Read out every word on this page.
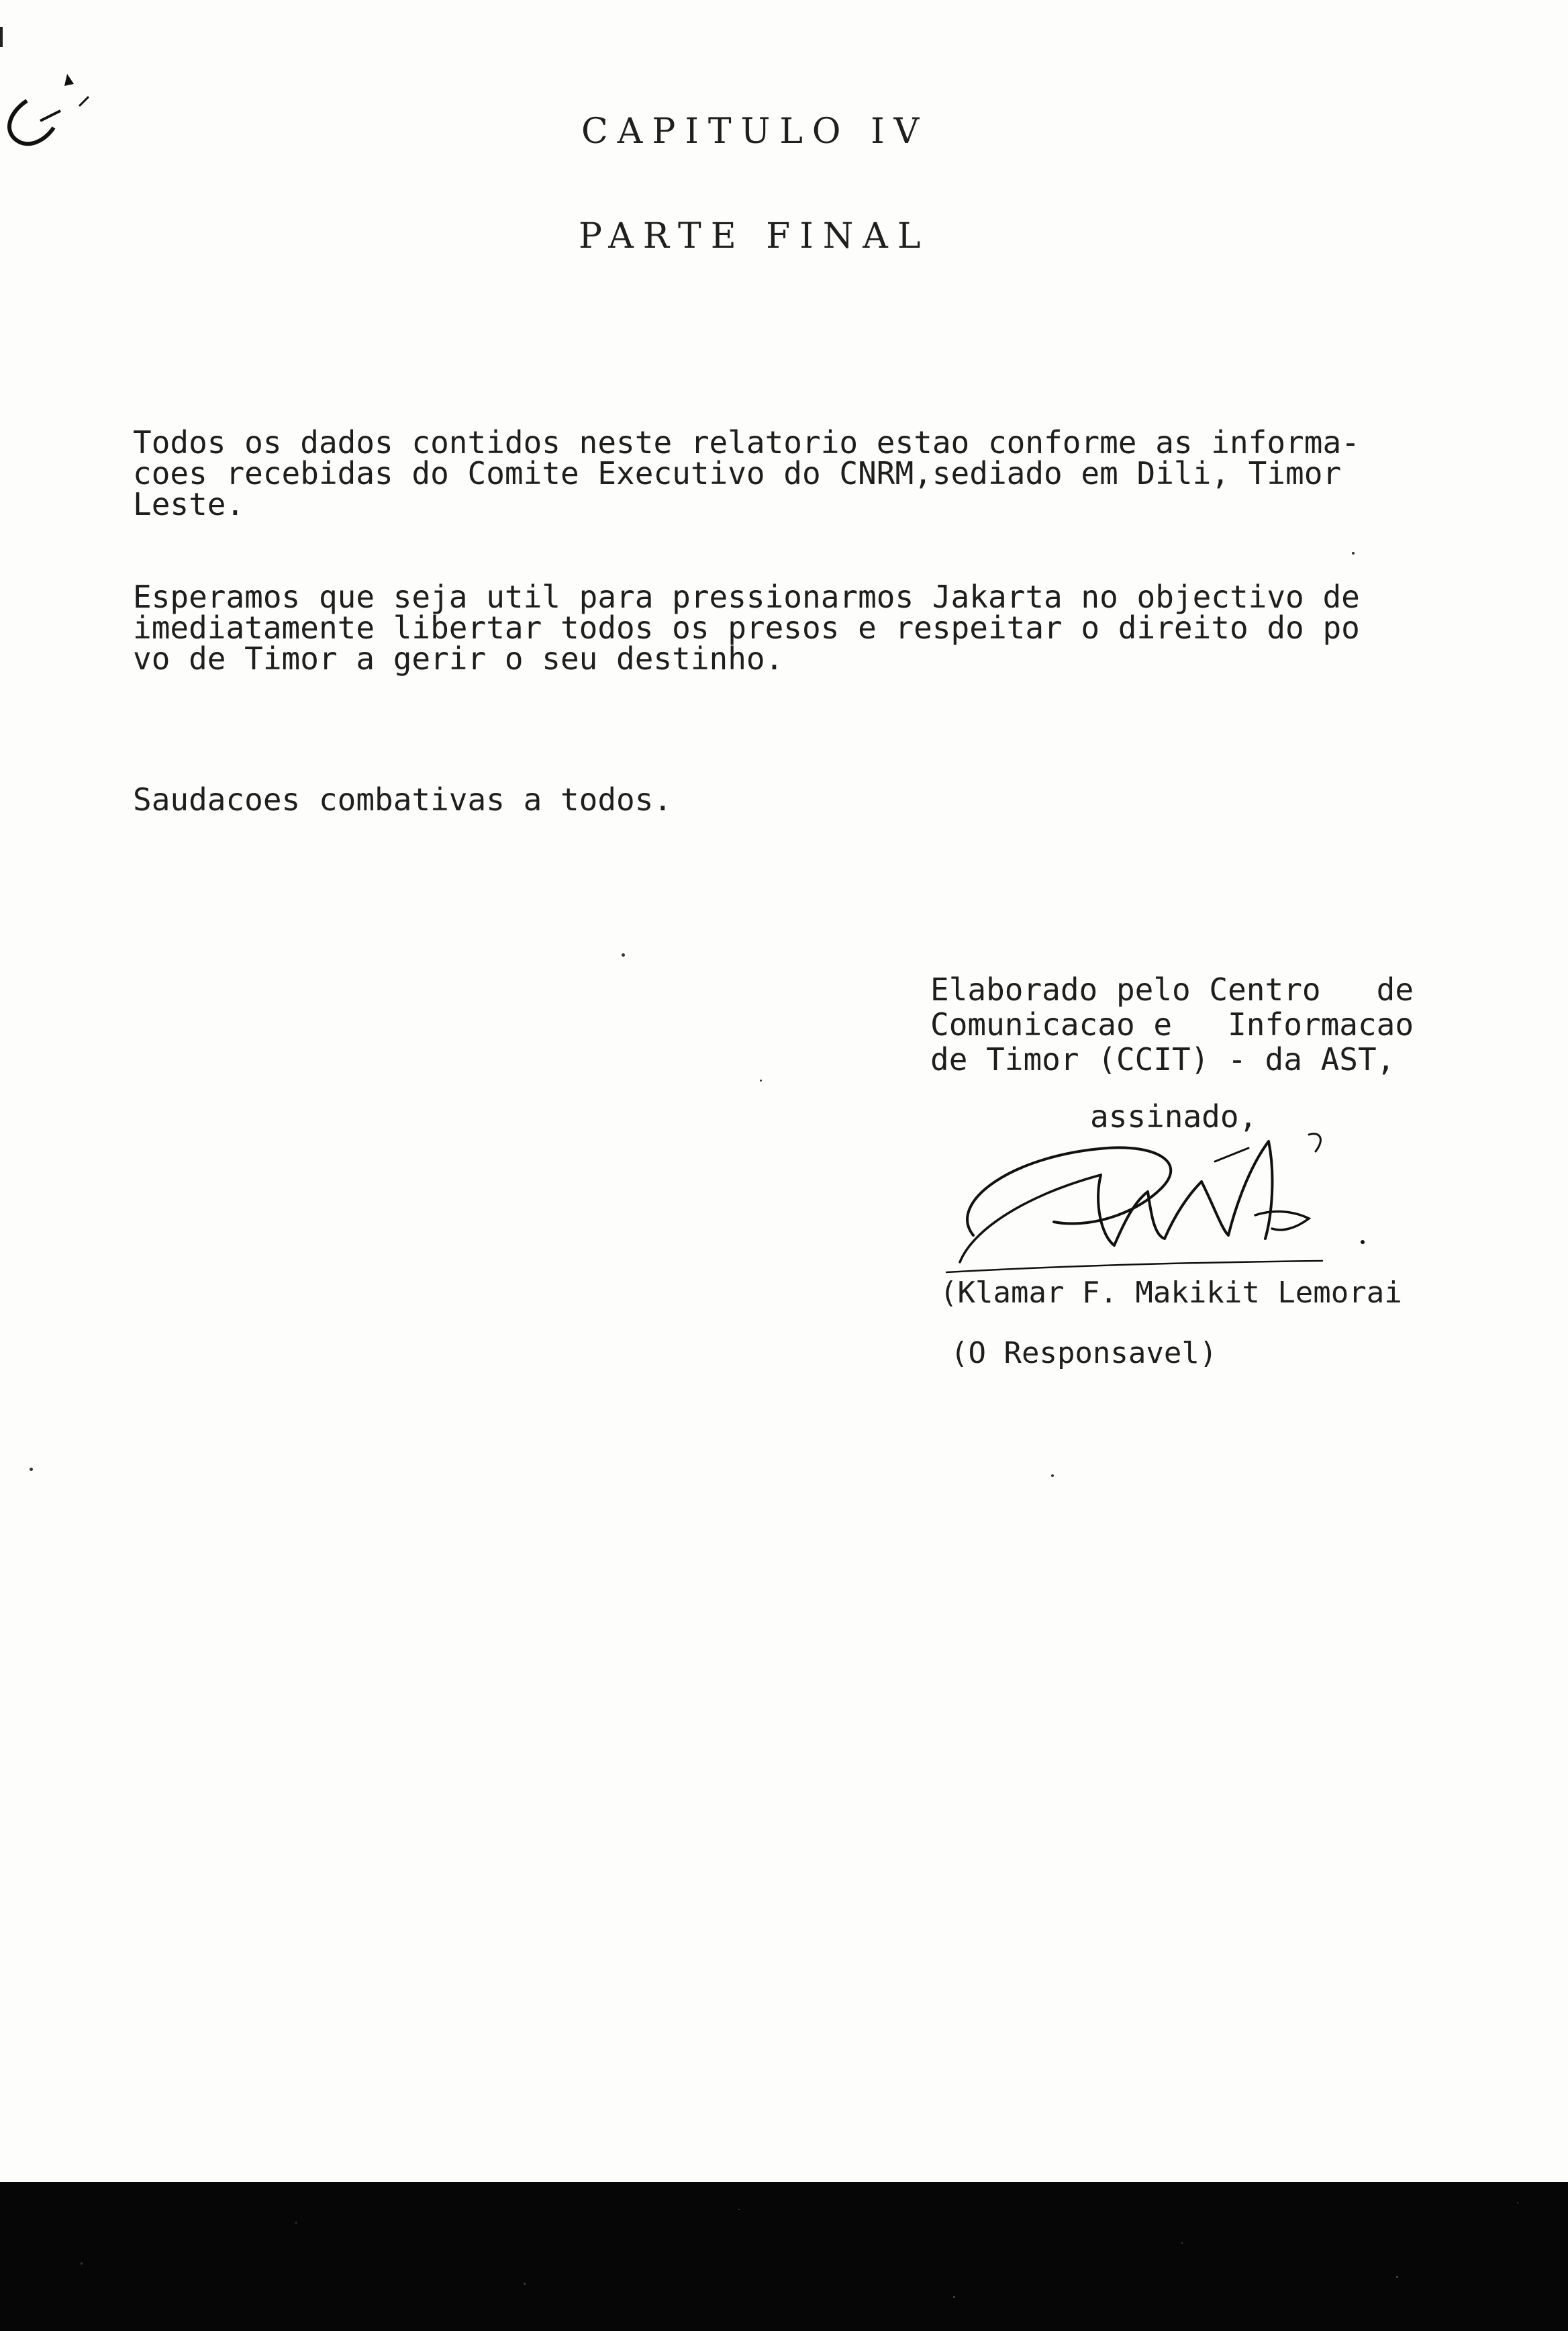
CAPITULO IV
PARTE FINAL
Todos os dados contidos neste relatorio estao conforme as informa-
coes recebidas do Comite Executivo do CNRM,sediado em Dili, Timor
Leste.
Esperamos que seja util para pressionarmos Jakarta no objectivo de
imediatamente libertar todos os presos e respeitar o direito do po
vo de Timor a gerir o seu destinho.
Saudacoes combativas a todos.
Elaborado pelo Centro   de
Comunicacao e   Informacao
de Timor (CCIT) - da AST,
assinado,
(Klamar F. Makikit Lemorai
(O Responsavel)
